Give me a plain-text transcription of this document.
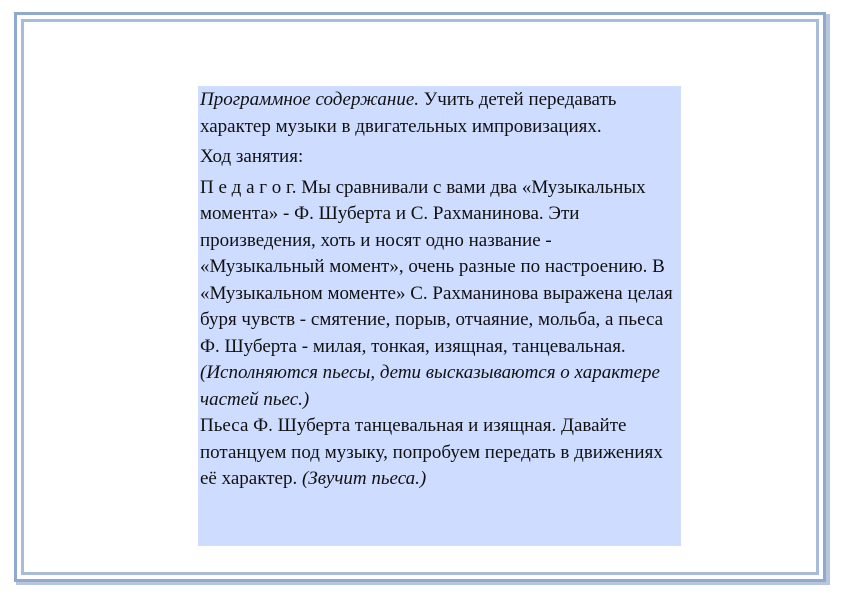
Программное содержание. Учить детей передавать характер музыки в двигательных импровизациях.

Ход занятия:

П е д а г о г. Мы сравнивали с вами два «Музыкальных момента» - Ф. Шуберта и С. Рахманинова. Эти произведения, хоть и носят одно название - «Музыкальный момент», очень разные по настроению. В «Музыкальном моменте» С. Рахманинова выражена целая буря чувств - смятение, порыв, отчаяние, мольба, а пьеса Ф. Шуберта - милая, тонкая, изящная, танцевальная. (Исполняются пьесы, дети высказываются о характере частей пьес.)

Пьеса Ф. Шуберта танцевальная и изящная. Давайте потанцуем под музыку, попробуем передать в движениях её характер. (Звучит пьеса.)
